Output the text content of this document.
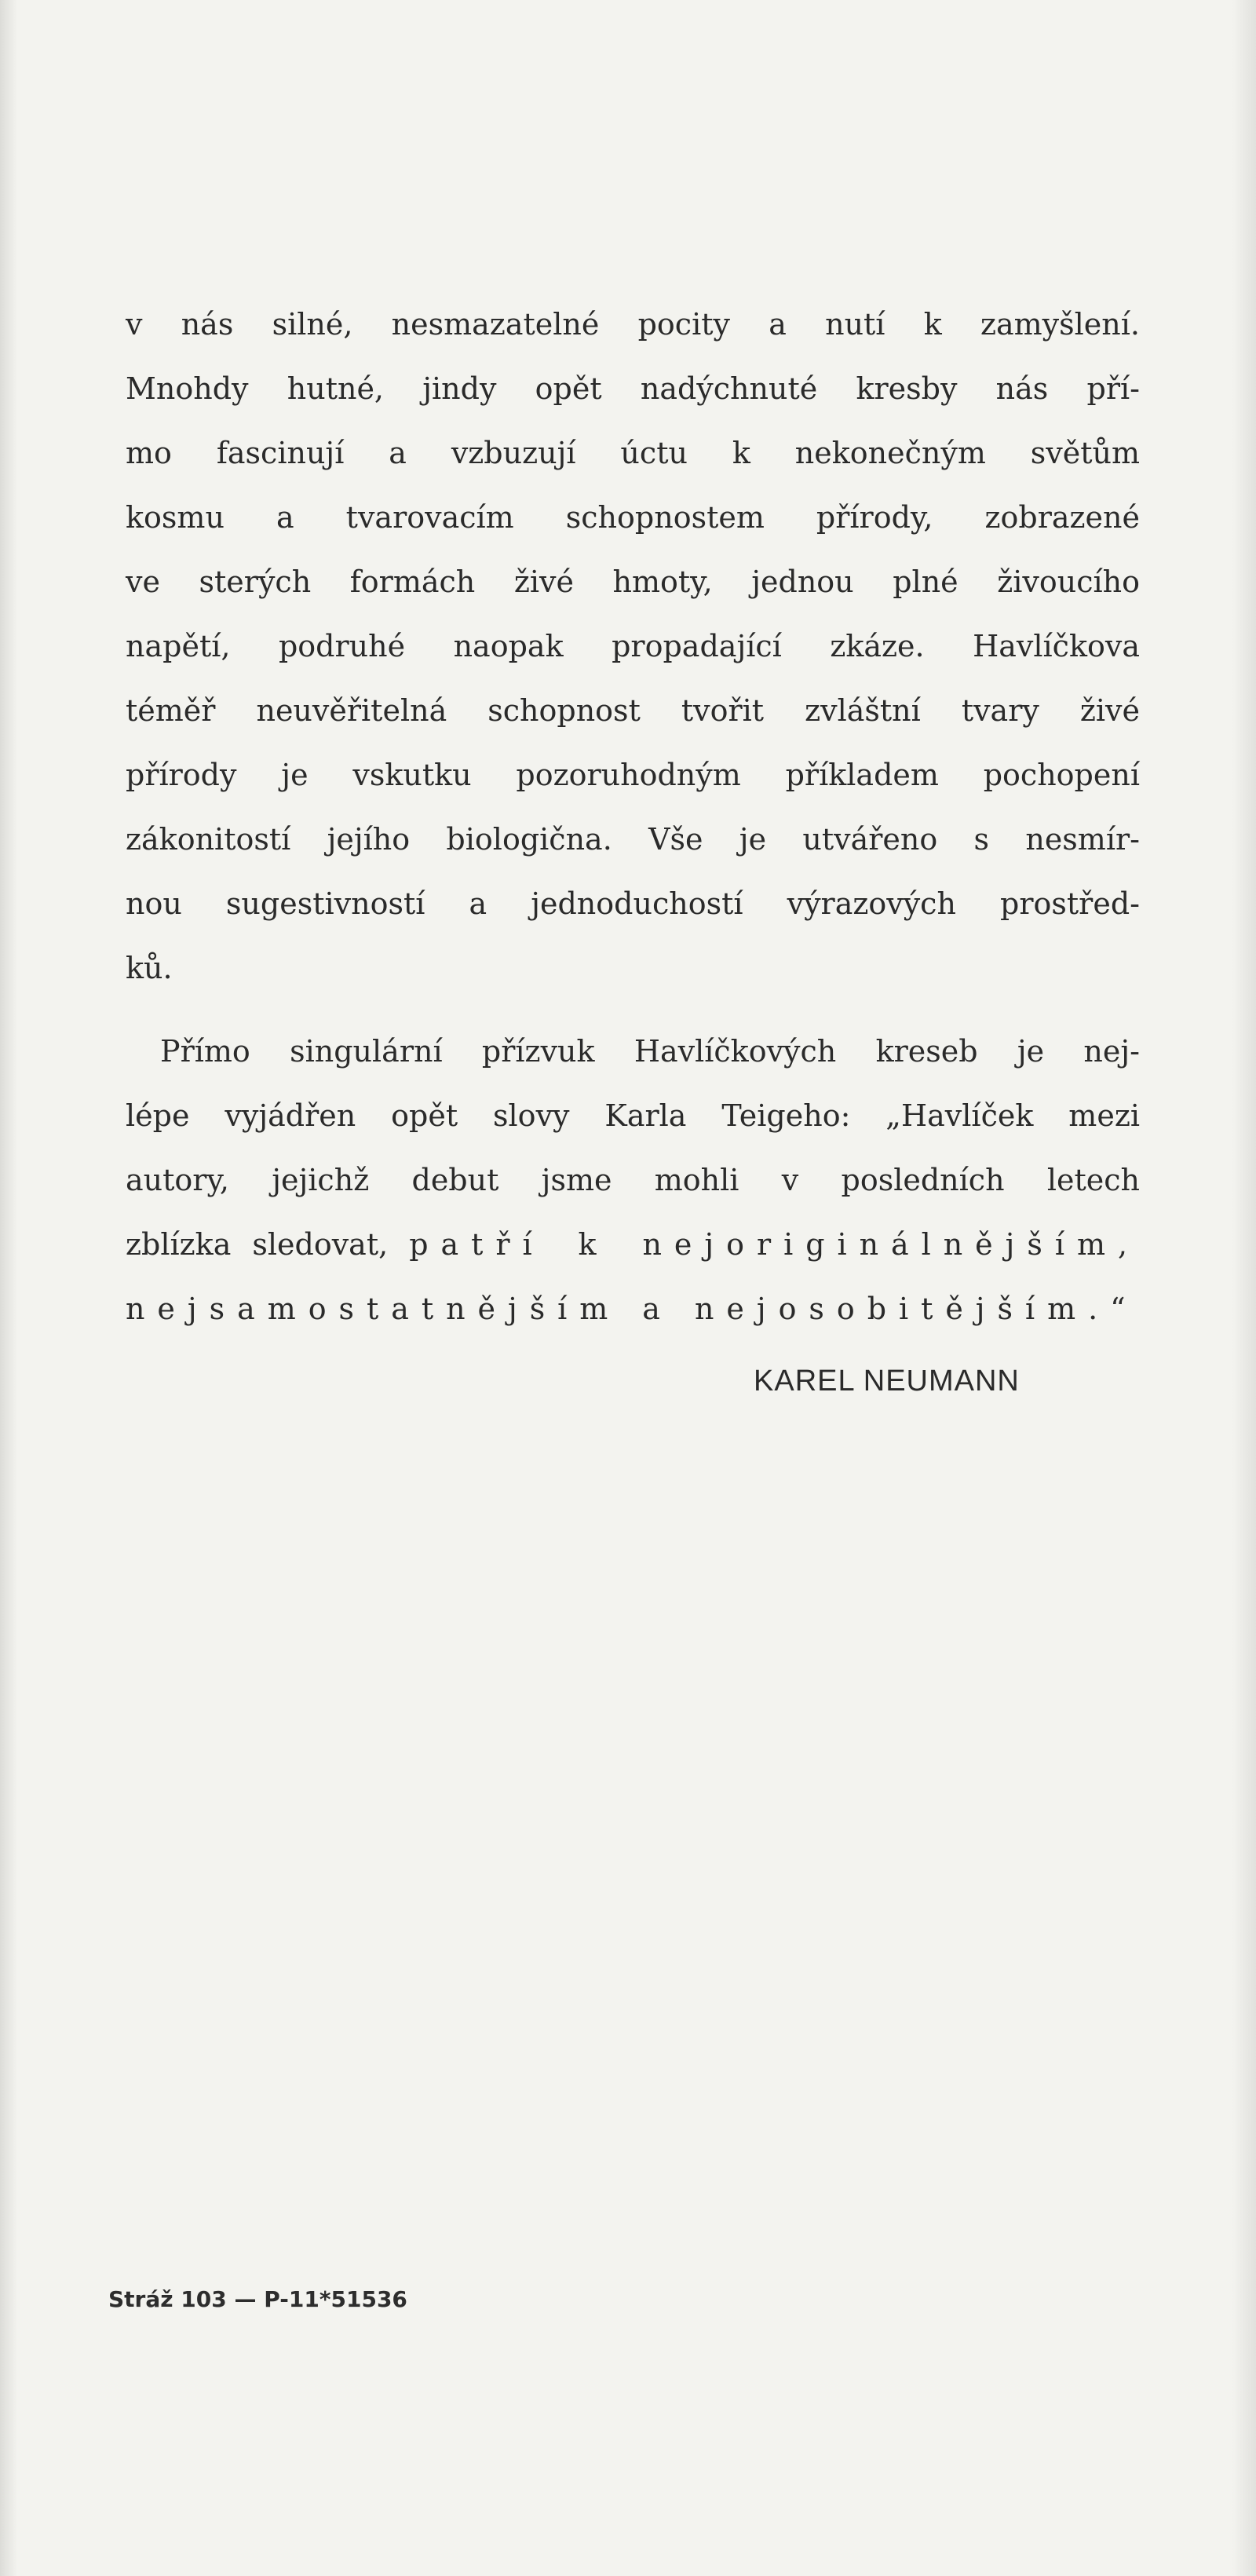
v nás silné, nesmazatelné pocity a nutí k zamyšlení.
Mnohdy hutné, jindy opět nadýchnuté kresby nás pří-
mo fascinují a vzbuzují úctu k nekonečným světům
kosmu a tvarovacím schopnostem přírody, zobrazené
ve sterých formách živé hmoty, jednou plné živoucího
napětí, podruhé naopak propadající zkáze. Havlíčkova
téměř neuvěřitelná schopnost tvořit zvláštní tvary živé
přírody je vskutku pozoruhodným příkladem pochopení
zákonitostí jejího biologična. Vše je utvářeno s nesmír-
nou sugestivností a jednoduchostí výrazových prostřed-
ků.
Přímo singulární přízvuk Havlíčkových kreseb je nej-
lépe vyjádřen opět slovy Karla Teigeho: „Havlíček mezi
autory, jejichž debut jsme mohli v posledních letech
zblízka sledovat, patří k nejoriginálnějším,
nejsamostatnějším a nejosobitějším.“
KAREL NEUMANN
Stráž 103 — P-11*51536
